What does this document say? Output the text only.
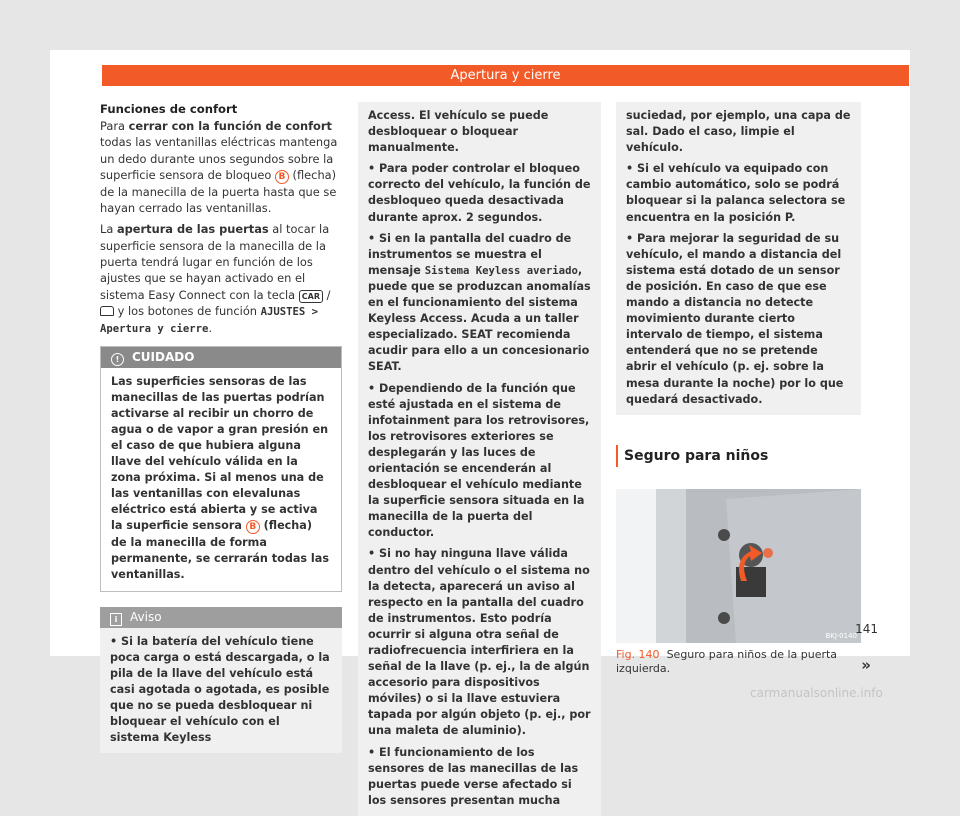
Apertura y cierre

Funciones de confort

Para cerrar con la función de confort todas las ventanillas eléctricas mantenga un dedo durante unos segundos sobre la superficie sensora de bloqueo B (flecha) de la manecilla de la puerta hasta que se hayan cerrado las ventanillas.

La apertura de las puertas al tocar la superficie sensora de la manecilla de la puerta tendrá lugar en función de los ajustes que se hayan activado en el sistema Easy Connect con la tecla CAR /  y los botones de función AJUSTES > Apertura y cierre.

! CUIDADO
Las superficies sensoras de las manecillas de las puertas podrían activarse al recibir un chorro de agua o de vapor a gran presión en el caso de que hubiera alguna llave del vehículo válida en la zona próxima. Si al menos una de las ventanillas con elevalunas eléctrico está abierta y se activa la superficie sensora B (flecha) de la manecilla de forma permanente, se cerrarán todas las ventanillas.
i Aviso
• Si la batería del vehículo tiene poca carga o está descargada, o la pila de la llave del vehículo está casi agotada o agotada, es posible que no se pueda desbloquear ni bloquear el vehículo con el sistema Keyless

Access. El vehículo se puede desbloquear o bloquear manualmente.

• Para poder controlar el bloqueo correcto del vehículo, la función de desbloqueo queda desactivada durante aprox. 2 segundos.

• Si en la pantalla del cuadro de instrumentos se muestra el mensaje Sistema Keyless averiado, puede que se produzcan anomalías en el funcionamiento del sistema Keyless Access. Acuda a un taller especializado. SEAT recomienda acudir para ello a un concesionario SEAT.

• Dependiendo de la función que esté ajustada en el sistema de infotainment para los retrovisores, los retrovisores exteriores se desplegarán y las luces de orientación se encenderán al desbloquear el vehículo mediante la superficie sensora situada en la manecilla de la puerta del conductor.

• Si no hay ninguna llave válida dentro del vehículo o el sistema no la detecta, aparecerá un aviso al respecto en la pantalla del cuadro de instrumentos. Esto podría ocurrir si alguna otra señal de radiofrecuencia interfiriera en la señal de la llave (p. ej., la de algún accesorio para dispositivos móviles) o si la llave estuviera tapada por algún objeto (p. ej., por una maleta de aluminio).

• El funcionamiento de los sensores de las manecillas de las puertas puede verse afectado si los sensores presentan mucha

suciedad, por ejemplo, una capa de sal. Dado el caso, limpie el vehículo.

• Si el vehículo va equipado con cambio automático, solo se podrá bloquear si la palanca selectora se encuentra en la posición P.

• Para mejorar la seguridad de su vehículo, el mando a distancia del sistema está dotado de un sensor de posición. En caso de que ese mando a distancia no detecte movimiento durante cierto intervalo de tiempo, el sistema entenderá que no se pretende abrir el vehículo (p. ej. sobre la mesa durante la noche) por lo que quedará desactivado.

Seguro para niños
BKJ-0140
Fig. 140 Seguro para niños de la puerta izquierda.	»
141
carmanualsonline.info
